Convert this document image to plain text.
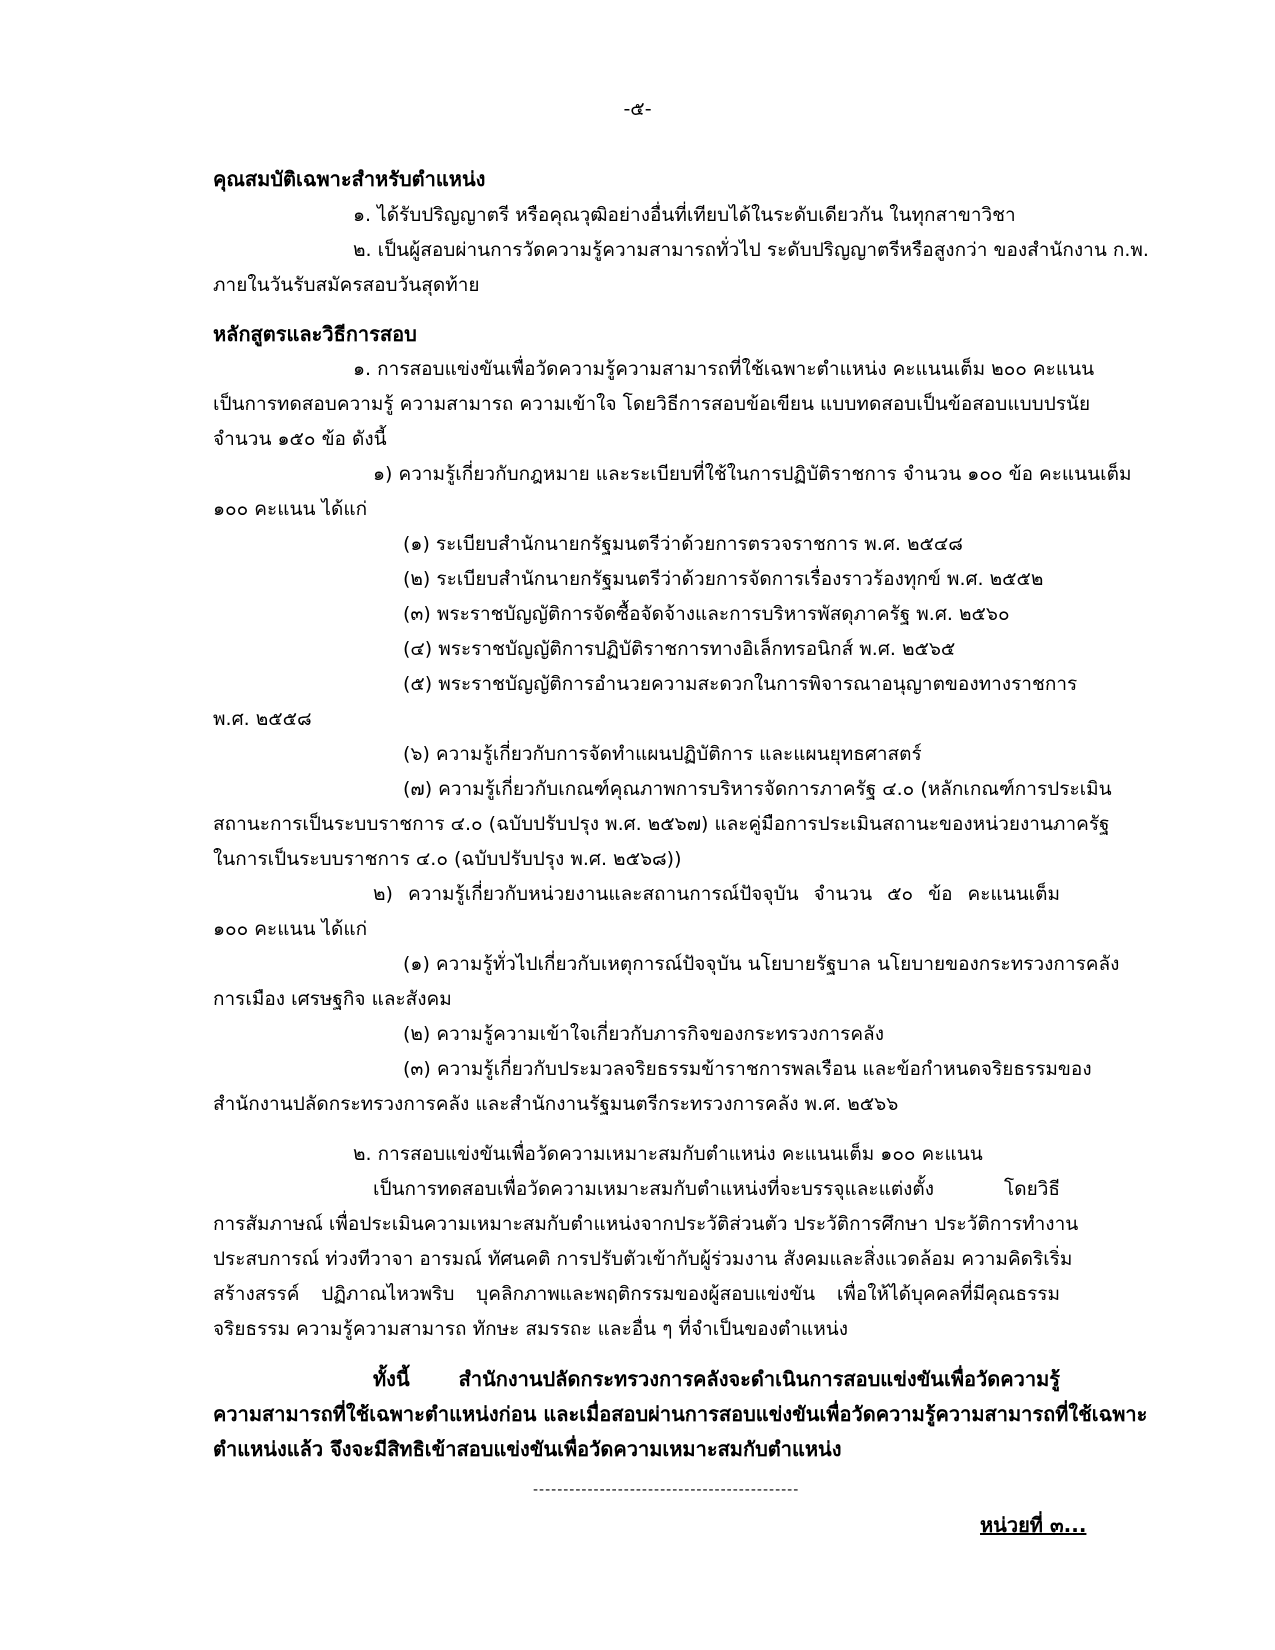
-๕-

คุณสมบัติเฉพาะสำหรับตำแหน่ง

๑. ได้รับปริญญาตรี หรือคุณวุฒิอย่างอื่นที่เทียบได้ในระดับเดียวกัน ในทุกสาขาวิชา

๒. เป็นผู้สอบผ่านการวัดความรู้ความสามารถทั่วไป ระดับปริญญาตรีหรือสูงกว่า ของสำนักงาน ก.พ.

ภายในวันรับสมัครสอบวันสุดท้าย

หลักสูตรและวิธีการสอบ

๑. การสอบแข่งขันเพื่อวัดความรู้ความสามารถที่ใช้เฉพาะตำแหน่ง คะแนนเต็ม ๒๐๐ คะแนน

เป็นการทดสอบความรู้ ความสามารถ ความเข้าใจ โดยวิธีการสอบข้อเขียน แบบทดสอบเป็นข้อสอบแบบปรนัย

จำนวน ๑๕๐ ข้อ ดังนี้

๑) ความรู้เกี่ยวกับกฎหมาย และระเบียบที่ใช้ในการปฏิบัติราชการ จำนวน ๑๐๐ ข้อ คะแนนเต็ม

๑๐๐ คะแนน ได้แก่

(๑) ระเบียบสำนักนายกรัฐมนตรีว่าด้วยการตรวจราชการ พ.ศ. ๒๕๔๘

(๒) ระเบียบสำนักนายกรัฐมนตรีว่าด้วยการจัดการเรื่องราวร้องทุกข์ พ.ศ. ๒๕๕๒

(๓) พระราชบัญญัติการจัดซื้อจัดจ้างและการบริหารพัสดุภาครัฐ พ.ศ. ๒๕๖๐

(๔) พระราชบัญญัติการปฏิบัติราชการทางอิเล็กทรอนิกส์ พ.ศ. ๒๕๖๕

(๕) พระราชบัญญัติการอำนวยความสะดวกในการพิจารณาอนุญาตของทางราชการ

พ.ศ. ๒๕๕๘

(๖) ความรู้เกี่ยวกับการจัดทำแผนปฏิบัติการ และแผนยุทธศาสตร์

(๗) ความรู้เกี่ยวกับเกณฑ์คุณภาพการบริหารจัดการภาครัฐ ๔.๐ (หลักเกณฑ์การประเมิน

สถานะการเป็นระบบราชการ ๔.๐ (ฉบับปรับปรุง พ.ศ. ๒๕๖๗) และคู่มือการประเมินสถานะของหน่วยงานภาครัฐ

ในการเป็นระบบราชการ ๔.๐ (ฉบับปรับปรุง พ.ศ. ๒๕๖๘))

๒) ความรู้เกี่ยวกับหน่วยงานและสถานการณ์ปัจจุบัน จำนวน ๕๐ ข้อ คะแนนเต็ม

๑๐๐ คะแนน ได้แก่

(๑) ความรู้ทั่วไปเกี่ยวกับเหตุการณ์ปัจจุบัน นโยบายรัฐบาล นโยบายของกระทรวงการคลัง

การเมือง เศรษฐกิจ และสังคม

(๒) ความรู้ความเข้าใจเกี่ยวกับภารกิจของกระทรวงการคลัง

(๓) ความรู้เกี่ยวกับประมวลจริยธรรมข้าราชการพลเรือน และข้อกำหนดจริยธรรมของ

สำนักงานปลัดกระทรวงการคลัง และสำนักงานรัฐมนตรีกระทรวงการคลัง พ.ศ. ๒๕๖๖

๒. การสอบแข่งขันเพื่อวัดความเหมาะสมกับตำแหน่ง คะแนนเต็ม ๑๐๐ คะแนน

เป็นการทดสอบเพื่อวัดความเหมาะสมกับตำแหน่งที่จะบรรจุและแต่งตั้ง โดยวิธี

การสัมภาษณ์ เพื่อประเมินความเหมาะสมกับตำแหน่งจากประวัติส่วนตัว ประวัติการศึกษา ประวัติการทำงาน

ประสบการณ์ ท่วงทีวาจา อารมณ์ ทัศนคติ การปรับตัวเข้ากับผู้ร่วมงาน สังคมและสิ่งแวดล้อม ความคิดริเริ่ม

สร้างสรรค์ ปฏิภาณไหวพริบ บุคลิกภาพและพฤติกรรมของผู้สอบแข่งขัน เพื่อให้ได้บุคคลที่มีคุณธรรม

จริยธรรม ความรู้ความสามารถ ทักษะ สมรรถะ และอื่น ๆ ที่จำเป็นของตำแหน่ง

ทั้งนี้ สำนักงานปลัดกระทรวงการคลังจะดำเนินการสอบแข่งขันเพื่อวัดความรู้

ความสามารถที่ใช้เฉพาะตำแหน่งก่อน และเมื่อสอบผ่านการสอบแข่งขันเพื่อวัดความรู้ความสามารถที่ใช้เฉพาะ

ตำแหน่งแล้ว จึงจะมีสิทธิเข้าสอบแข่งขันเพื่อวัดความเหมาะสมกับตำแหน่ง

--------------------------------------------

หน่วยที่ ๓...
